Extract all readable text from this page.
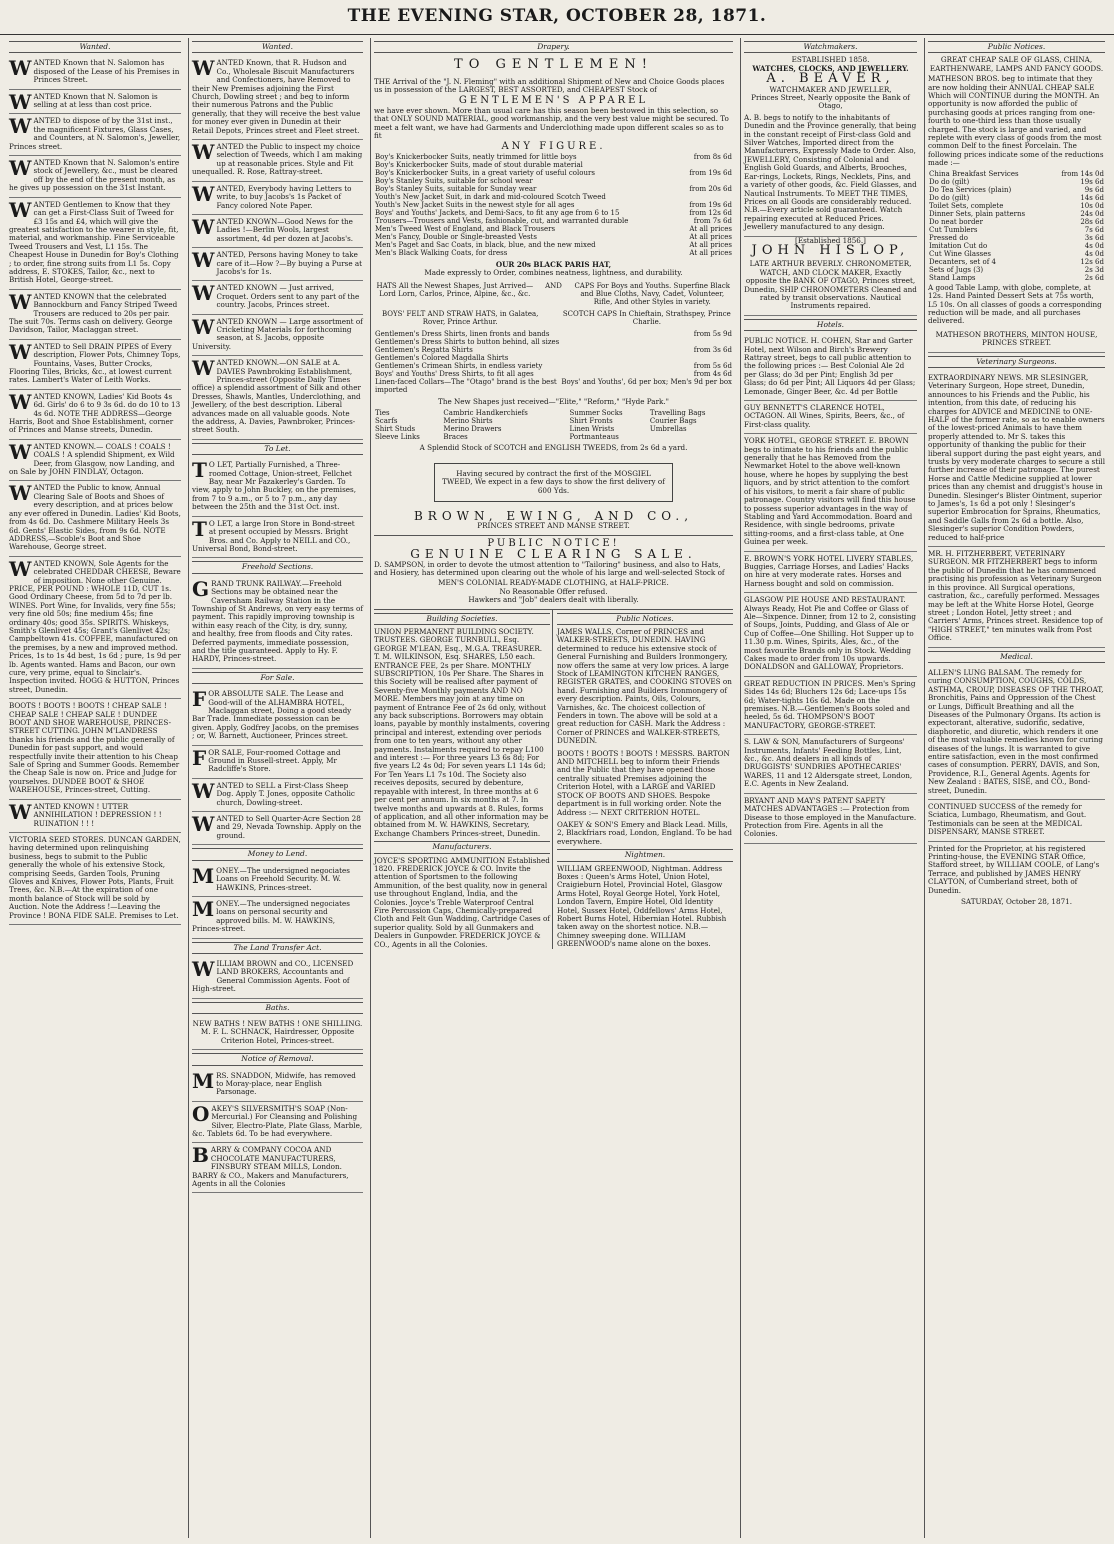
THE EVENING STAR, OCTOBER 28, 1871.
Wanted.
W ANTED Known that N. Salomon has disposed of the Lease of his Premises in Princes Street.

W ANTED Known that N. Salomon is selling at at less than cost price.

W ANTED to dispose of by the 31st inst., the magnificent Fixtures, Glass Cases, and Counters, at N. Salomon's, Jeweller, Princes street.

W ANTED Known that N. Salomon's entire stock of Jewellery, &c., must be cleared off by the end of the present month, as he gives up possession on the 31st Instant.

W ANTED Gentlemen to Know that they can get a First-Class Suit of Tweed for £3 15s and £4, which will give the greatest satisfaction to the wearer in style, fit, material, and workmanship. Fine Serviceable Tweed Trousers and Vest, L1 15s. The Cheapest House in Dunedin for Boy's Clothing ; to order, fine strong suits from L1 5s. Copy address, E. STOKES, Tailor, &c., next to British Hotel, George-street.

W ANTED KNOWN that the celebrated Bannockburn and Fancy Striped Tweed Trousers are reduced to 20s per pair. The suit 70s. Terms cash on delivery. George Davidson, Tailor, Maclaggan street.

W ANTED to Sell DRAIN PIPES of Every description, Flower Pots, Chimney Tops, Fountains, Vases, Butter Crocks, Flooring Tiles, Bricks, &c., at lowest current rates. Lambert's Water of Leith Works.

W ANTED KNOWN, Ladies' Kid Boots 4s 6d. Girls' do 6 to 9 3s 6d. do do 10 to 13 4s 6d. NOTE THE ADDRESS—George Harris, Boot and Shoe Establishment, corner of Princes and Manse streets, Dunedin.

W ANTED KNOWN.— COALS ! COALS ! COALS ! A splendid Shipment, ex Wild Deer, from Glasgow, now Landing, and on Sale by JOHN FINDLAY, Octagon.

W ANTED the Public to know, Annual Clearing Sale of Boots and Shoes of every description, and at prices below any ever offered in Dunedin. Ladies' Kid Boots, from 4s 6d. Do. Cashmere Military Heels 3s 6d. Gents' Elastic Sides, from 9s 6d. NOTE ADDRESS,—Scoble's Boot and Shoe Warehouse, George street.

W ANTED KNOWN, Sole Agents for the celebrated CHEDDAR CHEESE, Beware of imposition. None other Genuine. PRICE, PER POUND : WHOLE 11D, CUT 1s. Good Ordinary Cheese, from 5d to 7d per lb. WINES. Port Wine, for Invalids, very fine 55s; very fine old 50s; fine medium 45s; fine ordinary 40s; good 35s. SPIRITS. Whiskeys, Smith's Glenlivet 45s; Grant's Glenlivet 42s; Campbeltown 41s. COFFEE, manufactured on the premises, by a new and improved method. Prices, 1s to 1s 4d best, 1s 6d ; pure, 1s 9d per lb. Agents wanted. Hams and Bacon, our own cure, very prime, equal to Sinclair's. Inspection invited. HOGG & HUTTON, Princes street, Dunedin.

BOOTS ! BOOTS ! BOOTS ! CHEAP SALE ! CHEAP SALE ! CHEAP SALE ! DUNDEE BOOT AND SHOE WAREHOUSE, PRINCES-STREET CUTTING. JOHN M'LANDRESS thanks his friends and the public generally of Dunedin for past support, and would respectfully invite their attention to his Cheap Sale of Spring and Summer Goods. Remember the Cheap Sale is now on. Price and Judge for yourselves. DUNDEE BOOT & SHOE WAREHOUSE, Princes-street, Cutting.

W ANTED KNOWN ! UTTER ANNIHILATION ! DEPRESSION ! ! RUINATION ! ! !

VICTORIA SEED STORES. DUNCAN GARDEN, having determined upon relinquishing business, begs to submit to the Public generally the whole of his extensive Stock, comprising Seeds, Garden Tools, Pruning Gloves and Knives, Flower Pots, Plants, Fruit Trees, &c. N.B.—At the expiration of one month balance of Stock will be sold by Auction. Note the Address !—Leaving the Province ! BONA FIDE SALE. Premises to Let.

Wanted.
W ANTED Known, that R. Hudson and Co., Wholesale Biscuit Manufacturers and Confectioners, have Removed to their New Premises adjoining the First Church, Dowling street ; and beg to inform their numerous Patrons and the Public generally, that they will receive the best value for money ever given in Dunedin at their Retail Depots, Princes street and Fleet street.

W ANTED the Public to inspect my choice selection of Tweeds, which I am making up at reasonable prices. Style and Fit unequalled. R. Rose, Rattray-street.

W ANTED, Everybody having Letters to write, to buy Jacobs's 1s Packet of Fancy colored Note Paper.

W ANTED KNOWN—Good News for the Ladies !—Berlin Wools, largest assortment, 4d per dozen at Jacobs's.

W ANTED, Persons having Money to take care of it—How ?—By buying a Purse at Jacobs's for 1s.

W ANTED KNOWN — Just arrived, Croquet. Orders sent to any part of the country. Jacobs, Princes street.

W ANTED KNOWN — Large assortment of Cricketing Materials for forthcoming season, at S. Jacobs, opposite University.

W ANTED KNOWN.—ON SALE at A. DAVIES Pawnbroking Establishment, Princes-street (Opposite Daily Times office) a splendid assortment of Silk and other Dresses, Shawls, Mantles, Underclothing, and Jewellery, of the best description. Liberal advances made on all valuable goods. Note the address, A. Davies, Pawnbroker, Princes-street South.

To Let.
T O LET, Partially Furnished, a Three-roomed Cottage, Union-street, Fellchet Bay, near Mr Fazakerley's Garden. To view, apply to John Buckley, on the premises, from 7 to 9 a.m., or 5 to 7 p.m., any day between the 25th and the 31st Oct. inst.

T O LET, a large Iron Store in Bond-street at present occupied by Messrs. Bright Bros. and Co. Apply to NEILL and CO., Universal Bond, Bond-street.

Freehold Sections.
G RAND TRUNK RAILWAY.—Freehold Sections may be obtained near the Caversham Railway Station in the Township of St Andrews, on very easy terms of payment. This rapidly improving township is within easy reach of the City, is dry, sunny, and healthy, free from floods and City rates. Deferred payments, immediate possession, and the title guaranteed. Apply to Hy. F. HARDY, Princes-street.

For Sale.
F OR ABSOLUTE SALE. The Lease and Good-will of the ALHAMBRA HOTEL, Maclaggan street, Doing a good steady Bar Trade. Immediate possession can be given. Apply, Godfrey Jacobs, on the premises ; or, W. Barnett, Auctioneer, Princes street.

F OR SALE, Four-roomed Cottage and Ground in Russell-street. Apply, Mr Radcliffe's Store.

W ANTED to SELL a First-Class Sheep Dog. Apply T. Jones, opposite Catholic church, Dowling-street.

W ANTED to Sell Quarter-Acre Section 28 and 29, Nevada Township. Apply on the ground.

Money to Lend.
M ONEY.—The undersigned negociates Loans on Freehold Security. M. W. HAWKINS, Princes-street.

M ONEY.—The undersigned negociates loans on personal security and approved bills. M. W. HAWKINS, Princes-street.

The Land Transfer Act.
W ILLIAM BROWN and CO., LICENSED LAND BROKERS, Accountants and General Commission Agents. Foot of High-street.

Baths.

NEW BATHS ! NEW BATHS ! ONE SHILLING. M. F. L. SCHNACK, Hairdresser, Opposite Criterion Hotel, Princes-street.

Notice of Removal.
M RS. SNADDON, Midwife, has removed to Moray-place, near English Parsonage.

O AKEY'S SILVERSMITH'S SOAP (Non-Mercurial.) For Cleansing and Polishing Silver, Electro-Plate, Plate Glass, Marble, &c. Tablets 6d. To be had everywhere.

B ARRY & COMPANY COCOA AND CHOCOLATE MANUFACTURERS, FINSBURY STEAM MILLS, London. BARRY & CO., Makers and Manufacturers, Agents in all the Colonies

Drapery.
TO GENTLEMEN!

THE Arrival of the "J. N. Fleming" with an additional Shipment of New and Choice Goods places us in possession of the LARGEST, BEST ASSORTED, and CHEAPEST Stock of

GENTLEMEN'S APPAREL

we have ever shown. More than usual care has this season been bestowed in this selection, so that ONLY SOUND MATERIAL, good workmanship, and the very best value might be secured. To meet a felt want, we have had Garments and Underclothing made upon different scales so as to fit

ANY FIGURE.
Boy's Knickerbocker Suits, neatly trimmed for little boys	from 8s 6d
Boy's Knickerbocker Suits, made of stout durable material	
Boy's Knickerbocker Suits, in a great variety of useful colours	from 19s 6d
Boy's Stanley Suits, suitable for school wear	
Boy's Stanley Suits, suitable for Sunday wear	from 20s 6d
Youth's New Jacket Suit, in dark and mid-coloured Scotch Tweed	
Youth's New Jacket Suits in the newest style for all ages	from 19s 6d
Boys' and Youths' Jackets, and Demi-Sacs, to fit any age from 6 to 15	from 12s 6d
Trousers—Trousers and Vests, fashionable, cut, and warranted durable	from 7s 6d
Men's Tweed West of England, and Black Trousers	At all prices
Men's Fancy, Double or Single-breasted Vests	At all prices
Men's Paget and Sac Coats, in black, blue, and the new mixed	At all prices
Men's Black Walking Coats, for dress	At all prices
OUR 20s BLACK PARIS HAT,
Made expressly to Order, combines neatness, lightness, and durability.
HATS All the Newest Shapes, Just Arrived— Lord Lorn, Carlos, Prince, Alpine, &c., &c.
AND	CAPS For Boys and Youths. Superfine Black and Blue Cloths, Navy, Cadet, Volunteer, Rifle, And other Styles in variety.
BOYS' FELT AND STRAW HATS, in Galatea, Rover, Prince Arthur.
SCOTCH CAPS In Chieftain, Strathspey, Prince Charlie.
Gentlemen's Dress Shirts, linen fronts and bands	from 5s 9d
Gentlemen's Dress Shirts to button behind, all sizes	
Gentlemen's Regatta Shirts	from 3s 6d
Gentlemen's Colored Magdalla Shirts	
Gentlemen's Crimean Shirts, in endless variety	from 5s 6d
Boys' and Youths' Dress Shirts, to fit all ages	from 4s 6d
Linen-faced Collars—The "Otago" brand is the best imported	Boys' and Youths', 6d per box; Men's 9d per box
The New Shapes just received—"Elite," "Reform," "Hyde Park."
Ties	Cambric Handkerchiefs	Summer Socks	Travelling Bags
Scarfs	Merino Shirts	Shirt Fronts	Courier Bags
Shirt Studs	Merino Drawers	Linen Wrists	Umbrellas
Sleeve Links	Braces	Portmanteaus	
A Splendid Stock of SCOTCH and ENGLISH TWEEDS, from 2s 6d a yard.
Having secured by contract the first of the MOSGIEL TWEED, We expect in a few days to show the first delivery of 600 Yds.
BROWN, EWING, AND CO.,
PRINCES STREET AND MANSE STREET.
PUBLIC NOTICE!
GENUINE CLEARING SALE.

D. SAMPSON, in order to devote the utmost attention to "Tailoring" business, and also to Hats, and Hosiery, has determined upon clearing out the whole of his large and well-selected Stock of

MEN'S COLONIAL READY-MADE CLOTHING, at HALF-PRICE.
No Reasonable Offer refused.
Hawkers and "Job" dealers dealt with liberally.
Building Societies.

UNION PERMANENT BUILDING SOCIETY. TRUSTEES. GEORGE TURNBULL, Esq. GEORGE M'LEAN, Esq., M.G.A. TREASURER. T. M. WILKINSON, Esq. SHARES, L50 each. ENTRANCE FEE, 2s per Share. MONTHLY SUBSCRIPTION, 10s Per Share. The Shares in this Society will be realised after payment of Seventy-five Monthly payments AND NO MORE. Members may join at any time on payment of Entrance Fee of 2s 6d only, without any back subscriptions. Borrowers may obtain loans, payable by monthly instalments, covering principal and interest, extending over periods from one to ten years, without any other payments. Instalments required to repay L100 and interest :— For three years L3 6s 8d; For five years L2 4s 0d; For seven years L1 14s 6d; For Ten Years L1 7s 10d. The Society also receives deposits, secured by debenture, repayable with interest, In three months at 6 per cent per annum. In six months at 7. In twelve months and upwards at 8. Rules, forms of application, and all other information may be obtained from M. W. HAWKINS, Secretary, Exchange Chambers Princes-street, Dunedin.

Manufacturers.

JOYCE'S SPORTING AMMUNITION Established 1820. FREDERICK JOYCE & CO. Invite the attention of Sportsmen to the following Ammunition, of the best quality, now in general use throughout England, India, and the Colonies. Joyce's Treble Waterproof Central Fire Percussion Caps, Chemically-prepared Cloth and Felt Gun Wadding, Cartridge Cases of superior quality. Sold by all Gunmakers and Dealers in Gunpowder. FREDERICK JOYCE & CO., Agents in all the Colonies.

Public Notices.

JAMES WALLS, Corner of PRINCES and WALKER-STREETS, DUNEDIN. HAVING determined to reduce his extensive stock of General Furnishing and Builders Ironmongery, now offers the same at very low prices. A large Stock of LEAMINGTON KITCHEN RANGES, REGISTER GRATES, and COOKING STOVES on hand. Furnishing and Builders Ironmongery of every description. Paints, Oils, Colours, Varnishes, &c. The choicest collection of Fenders in town. The above will be sold at a great reduction for CASH. Mark the Address : Corner of PRINCES and WALKER-STREETS, DUNEDIN.

BOOTS ! BOOTS ! BOOTS ! MESSRS. BARTON AND MITCHELL beg to inform their Friends and the Public that they have opened those centrally situated Premises adjoining the Criterion Hotel, with a LARGE and VARIED STOCK OF BOOTS AND SHOES. Bespoke department is in full working order. Note the Address :— NEXT CRITERION HOTEL.

OAKEY & SON'S Emery and Black Lead. Mills, 2, Blackfriars road, London, England. To be had everywhere.

Nightmen.

WILLIAM GREENWOOD, Nightman. Address Boxes : Queen's Arms Hotel, Union Hotel, Craigieburn Hotel, Provincial Hotel, Glasgow Arms Hotel, Royal George Hotel, York Hotel, London Tavern, Empire Hotel, Old Identity Hotel, Sussex Hotel, Oddfellows' Arms Hotel, Robert Burns Hotel, Hibernian Hotel. Rubbish taken away on the shortest notice. N.B.—Chimney sweeping done. WILLIAM GREENWOOD's name alone on the boxes.

Watchmakers.
ESTABLISHED 1858.
WATCHES, CLOCKS, AND JEWELLERY.
A. BEAVER,
WATCHMAKER AND JEWELLER,
Princes Street, Nearly opposite the Bank of Otago,

A. B. begs to notify to the inhabitants of Dunedin and the Province generally, that being in the constant receipt of First-class Gold and Silver Watches, Imported direct from the Manufacturers, Expressly Made to Order. Also, JEWELLERY, Consisting of Colonial and English Gold Guards, and Alberts, Brooches, Ear-rings, Lockets, Rings, Necklets, Pins, and a variety of other goods, &c. Field Glasses, and Nautical Instruments. To MEET THE TIMES, Prices on all Goods are considerably reduced. N.B.—Every article sold guaranteed. Watch repairing executed at Reduced Prices. Jewellery manufactured to any design.

[Established 1856.]
JOHN HISLOP,

LATE ARTHUR BEVERLY. CHRONOMETER, WATCH, AND CLOCK MAKER, Exactly opposite the BANK OF OTAGO, Princes street, Dunedin, SHIP CHRONOMETERS Cleaned and rated by transit observations. Nautical Instruments repaired.

Hotels.

PUBLIC NOTICE. H. COHEN, Star and Garter Hotel, next Wilson and Birch's Brewery Rattray street, begs to call public attention to the following prices :— Best Colonial Ale 2d per Glass; do 3d per Pint; English 3d per Glass; do 6d per Pint; All Liquors 4d per Glass; Lemonade, Ginger Beer, &c. 4d per Bottle

GUY BENNETT'S CLARENCE HOTEL, OCTAGON. All Wines, Spirits, Beers, &c., of First-class quality.

YORK HOTEL, GEORGE STREET. E. BROWN begs to intimate to his friends and the public generally that he has Removed from the Newmarket Hotel to the above well-known house, where he hopes by supplying the best liquors, and by strict attention to the comfort of his visitors, to merit a fair share of public patronage. Country visitors will find this house to possess superior advantages in the way of Stabling and Yard Accommodation. Board and Residence, with single bedrooms, private sitting-rooms, and a first-class table, at One Guinea per week.

E. BROWN'S YORK HOTEL LIVERY STABLES, Buggies, Carriage Horses, and Ladies' Hacks on hire at very moderate rates. Horses and Harness bought and sold on commission.

GLASGOW PIE HOUSE AND RESTAURANT. Always Ready, Hot Pie and Coffee or Glass of Ale—Sixpence. Dinner, from 12 to 2, consisting of Soups, Joints, Pudding, and Glass of Ale or Cup of Coffee—One Shilling. Hot Supper up to 11.30 p.m. Wines, Spirits, Ales, &c., of the most favourite Brands only in Stock. Wedding Cakes made to order from 10s upwards. DONALDSON and GALLOWAY, Proprietors.

GREAT REDUCTION IN PRICES. Men's Spring Sides 14s 6d; Bluchers 12s 6d; Lace-ups 15s 6d; Water-tights 16s 6d. Made on the premises. N.B.—Gentlemen's Boots soled and heeled, 5s 6d. THOMPSON'S BOOT MANUFACTORY, GEORGE-STREET.

S. LAW & SON, Manufacturers of Surgeons' Instruments, Infants' Feeding Bottles, Lint, &c., &c. And dealers in all kinds of DRUGGISTS' SUNDRIES APOTHECARIES' WARES, 11 and 12 Aldersgate street, London, E.C. Agents in New Zealand.

BRYANT AND MAY'S PATENT SAFETY MATCHES ADVANTAGES :— Protection from Disease to those employed in the Manufacture. Protection from Fire. Agents in all the Colonies.

Public Notices.
GREAT CHEAP SALE OF GLASS, CHINA, EARTHENWARE, LAMPS AND FANCY GOODS.

MATHESON BROS. beg to intimate that they are now holding their ANNUAL CHEAP SALE Which will CONTINUE during the MONTH. An opportunity is now afforded the public of purchasing goods at prices ranging from one-fourth to one-third less than those usually charged. The stock is large and varied, and replete with every class of goods from the most common Delf to the finest Porcelain. The following prices indicate some of the reductions made :—

China Breakfast Services	from 14s 0d
Do do (gilt)	19s 6d
Do Tea Services (plain)	9s 6d
Do do (gilt)	14s 6d
Toilet Sets, complete	10s 0d
Dinner Sets, plain patterns	24s 0d
Do neat border	28s 6d
Cut Tumblers	7s 6d
Pressed do	3s 6d
Imitation Cut do	4s 0d
Cut Wine Glasses	4s 0d
Decanters, set of 4	12s 6d
Sets of Jugs (3)	2s 3d
Stand Lamps	2s 6d

A good Table Lamp, with globe, complete, at 12s. Hand Painted Dessert Sets at 75s worth, L5 10s. On all classes of goods a corresponding reduction will be made, and all purchases delivered.

MATHESON BROTHERS, MINTON HOUSE, PRINCES STREET.

Veterinary Surgeons.

EXTRAORDINARY NEWS. MR SLESINGER, Veterinary Surgeon, Hope street, Dunedin, announces to his Friends and the Public, his intention, from this date, of reducing his charges for ADVICE and MEDICINE to ONE-HALF of the former rate, so as to enable owners of the lowest-priced Animals to have them properly attended to. Mr S. takes this opportunity of thanking the public for their liberal support during the past eight years, and trusts by very moderate charges to secure a still further increase of their patronage. The purest Horse and Cattle Medicine supplied at lower prices than any chemist and druggist's house in Dunedin. Slesinger's Blister Ointment, superior to James's, 1s 6d a pot only ! Slesinger's superior Embrocation for Sprains, Rheumatics, and Saddle Galls from 2s 6d a bottle. Also, Slesinger's superior Condition Powders, reduced to half-price

MR. H. FITZHERBERT, VETERINARY SURGEON. MR FITZHERBERT begs to inform the public of Dunedin that he has commenced practising his profession as Veterinary Surgeon in this province. All Surgical operations, castration, &c., carefully performed. Messages may be left at the White Horse Hotel, George street ; London Hotel, Jetty street ; and Carriers' Arms, Princes street. Residence top of "HIGH STREET," ten minutes walk from Post Office.

Medical.

ALLEN'S LUNG BALSAM. The remedy for curing CONSUMPTION, COUGHS, COLDS, ASTHMA, CROUP, DISEASES OF THE THROAT, Bronchitis, Pains and Oppression of the Chest or Lungs, Difficult Breathing and all the Diseases of the Pulmonary Organs. Its action is expectorant, alterative, sudorific, sedative, diaphoretic, and diuretic, which renders it one of the most valuable remedies known for curing diseases of the lungs. It is warranted to give entire satisfaction, even in the most confirmed cases of consumption. PERRY, DAVIS, and Son, Providence, R.I., General Agents. Agents for New Zealand : BATES, SISE, and CO., Bond-street, Dunedin.

CONTINUED SUCCESS of the remedy for Sciatica, Lumbago, Rheumatism, and Gout. Testimonials can be seen at the MEDICAL DISPENSARY, MANSE STREET.

Printed for the Proprietor, at his registered Printing-house, the EVENING STAR Office, Stafford street, by WILLIAM COOLE, of Lang's Terrace, and published by JAMES HENRY CLAYTON, of Cumberland street, both of Dunedin.

SATURDAY, October 28, 1871.
